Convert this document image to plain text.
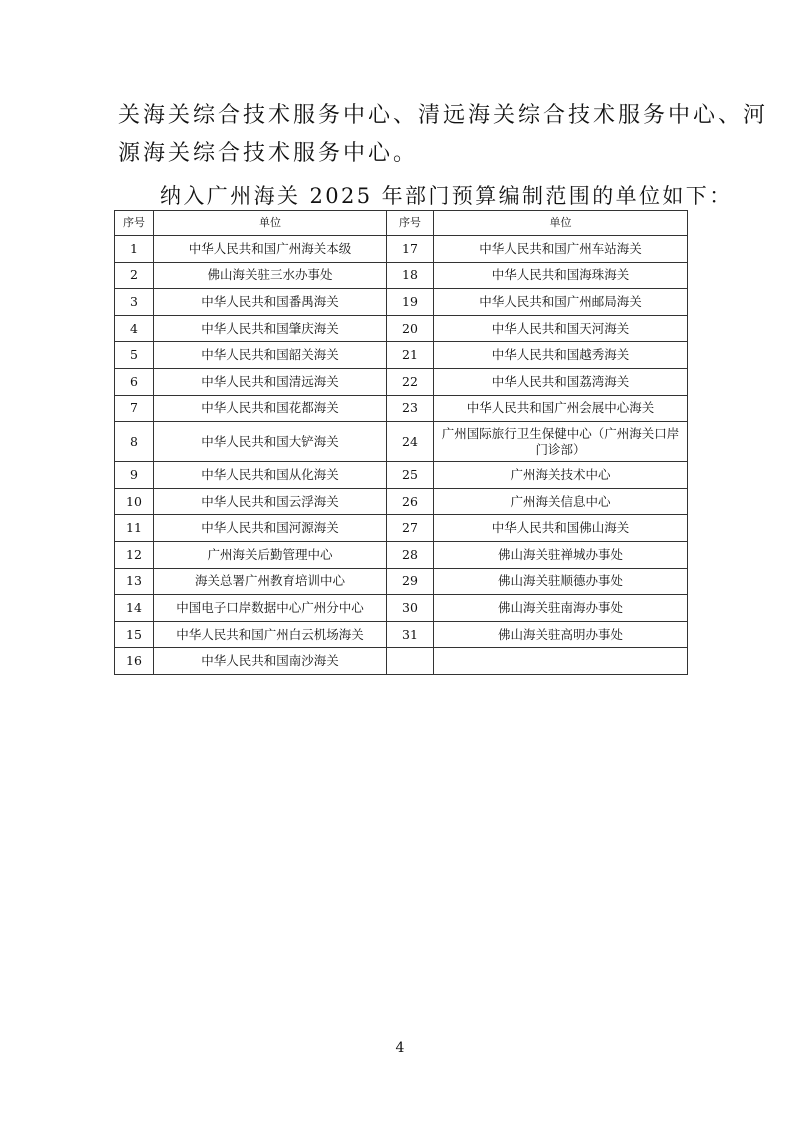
关海关综合技术服务中心、清远海关综合技术服务中心、河
源海关综合技术服务中心。
纳入广州海关 2025 年部门预算编制范围的单位如下：
序号	单位	序号	单位
1	中华人民共和国广州海关本级	17	中华人民共和国广州车站海关
2	佛山海关驻三水办事处	18	中华人民共和国海珠海关
3	中华人民共和国番禺海关	19	中华人民共和国广州邮局海关
4	中华人民共和国肇庆海关	20	中华人民共和国天河海关
5	中华人民共和国韶关海关	21	中华人民共和国越秀海关
6	中华人民共和国清远海关	22	中华人民共和国荔湾海关
7	中华人民共和国花都海关	23	中华人民共和国广州会展中心海关
8	中华人民共和国大铲海关	24	广州国际旅行卫生保健中心（广州海关口岸门诊部）
9	中华人民共和国从化海关	25	广州海关技术中心
10	中华人民共和国云浮海关	26	广州海关信息中心
11	中华人民共和国河源海关	27	中华人民共和国佛山海关
12	广州海关后勤管理中心	28	佛山海关驻禅城办事处
13	海关总署广州教育培训中心	29	佛山海关驻顺德办事处
14	中国电子口岸数据中心广州分中心	30	佛山海关驻南海办事处
15	中华人民共和国广州白云机场海关	31	佛山海关驻高明办事处
16	中华人民共和国南沙海关		
4
